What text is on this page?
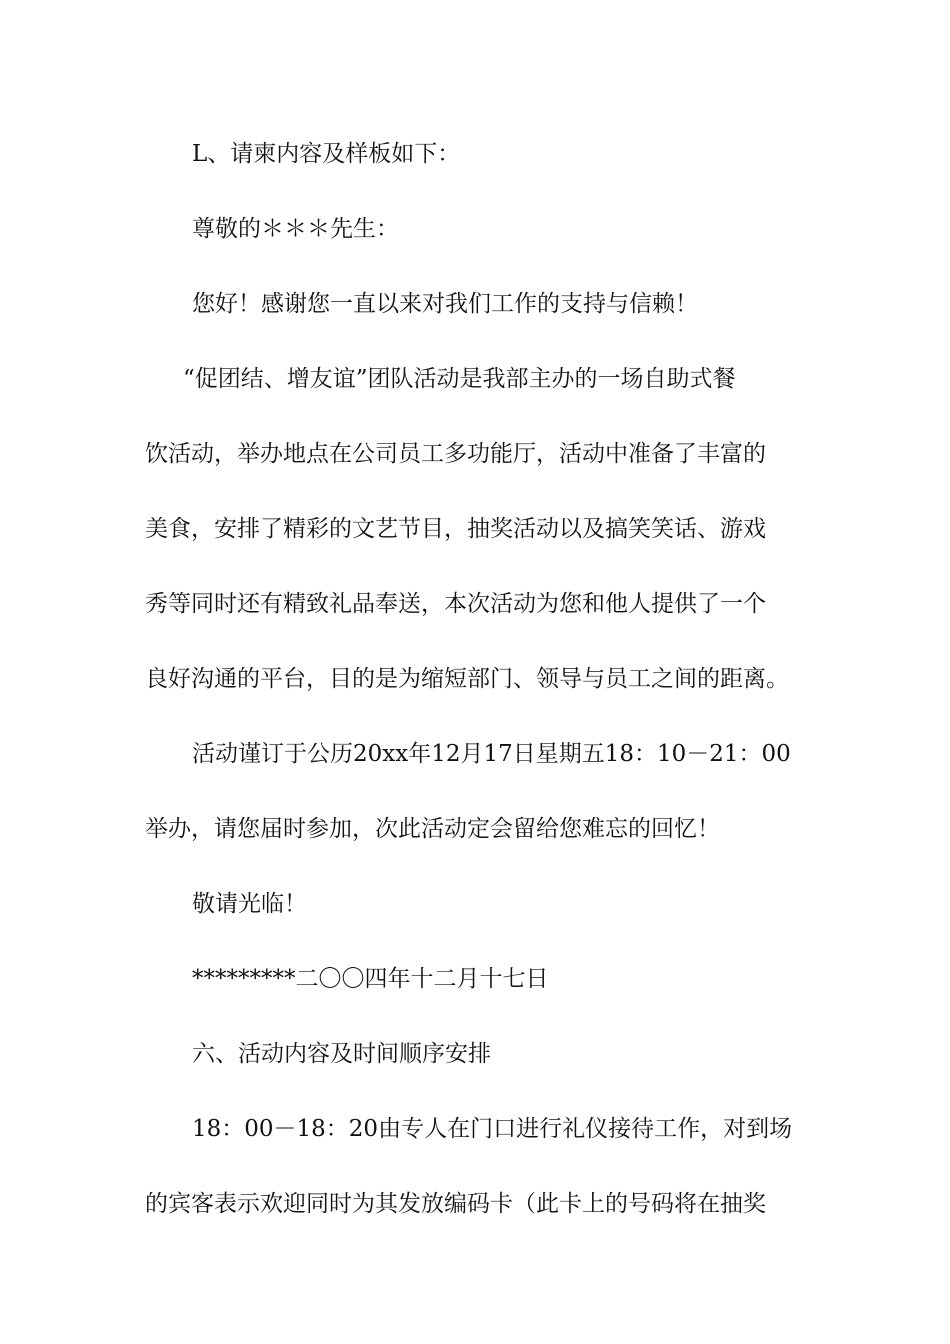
L、请柬内容及样板如下：
尊敬的＊＊＊先生：
您好！感谢您一直以来对我们工作的支持与信赖！
“促团结、增友谊”团队活动是我部主办的一场自助式餐
饮活动，举办地点在公司员工多功能厅，活动中准备了丰富的
美食，安排了精彩的文艺节目，抽奖活动以及搞笑笑话、游戏
秀等同时还有精致礼品奉送，本次活动为您和他人提供了一个
良好沟通的平台，目的是为缩短部门、领导与员工之间的距离。
活动谨订于公历20xx年12月17日星期五18：10－21：00
举办，请您届时参加，次此活动定会留给您难忘的回忆！
敬请光临！
*********二〇〇四年十二月十七日
六、活动内容及时间顺序安排
18：00－18：20由专人在门口进行礼仪接待工作，对到场
的宾客表示欢迎同时为其发放编码卡（此卡上的号码将在抽奖
